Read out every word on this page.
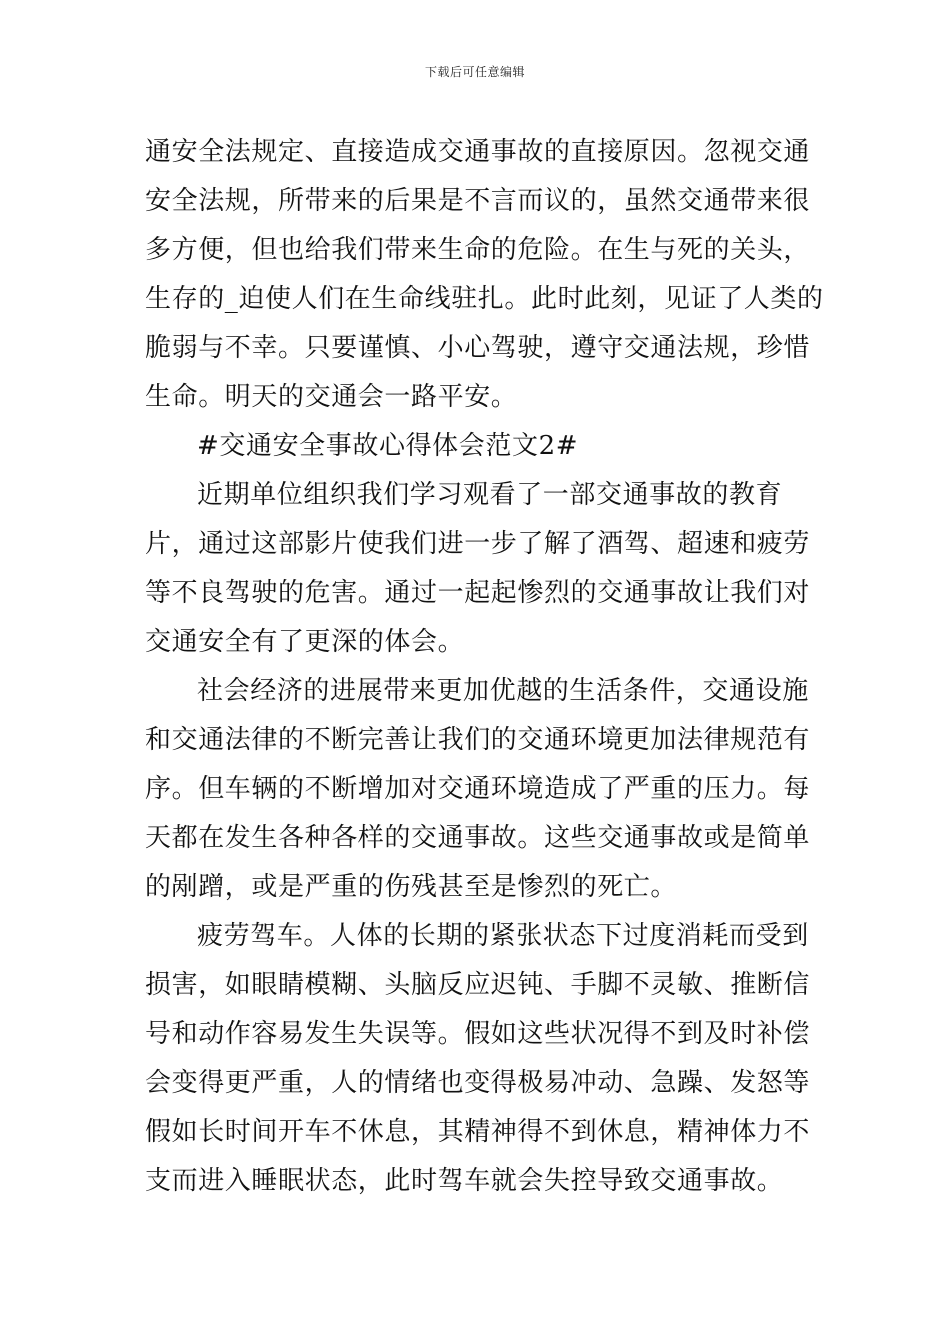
下载后可任意编辑

通安全法规定、直接造成交通事故的直接原因。忽视交通安全法规，所带来的后果是不言而议的，虽然交通带来很多方便，但也给我们带来生命的危险。在生与死的关头，生存的_迫使人们在生命线驻扎。此时此刻，见证了人类的脆弱与不幸。只要谨慎、小心驾驶，遵守交通法规，珍惜生命。明天的交通会一路平安。

#交通安全事故心得体会范文2#

近期单位组织我们学习观看了一部交通事故的教育片，通过这部影片使我们进一步了解了酒驾、超速和疲劳等不良驾驶的危害。通过一起起惨烈的交通事故让我们对交通安全有了更深的体会。

社会经济的进展带来更加优越的生活条件，交通设施和交通法律的不断完善让我们的交通环境更加法律规范有序。但车辆的不断增加对交通环境造成了严重的压力。每天都在发生各种各样的交通事故。这些交通事故或是简单的剐蹭，或是严重的伤残甚至是惨烈的死亡。

疲劳驾车。人体的长期的紧张状态下过度消耗而受到损害，如眼睛模糊、头脑反应迟钝、手脚不灵敏、推断信号和动作容易发生失误等。假如这些状况得不到及时补偿会变得更严重，人的情绪也变得极易冲动、急躁、发怒等假如长时间开车不休息，其精神得不到休息，精神体力不支而进入睡眠状态，此时驾车就会失控导致交通事故。
